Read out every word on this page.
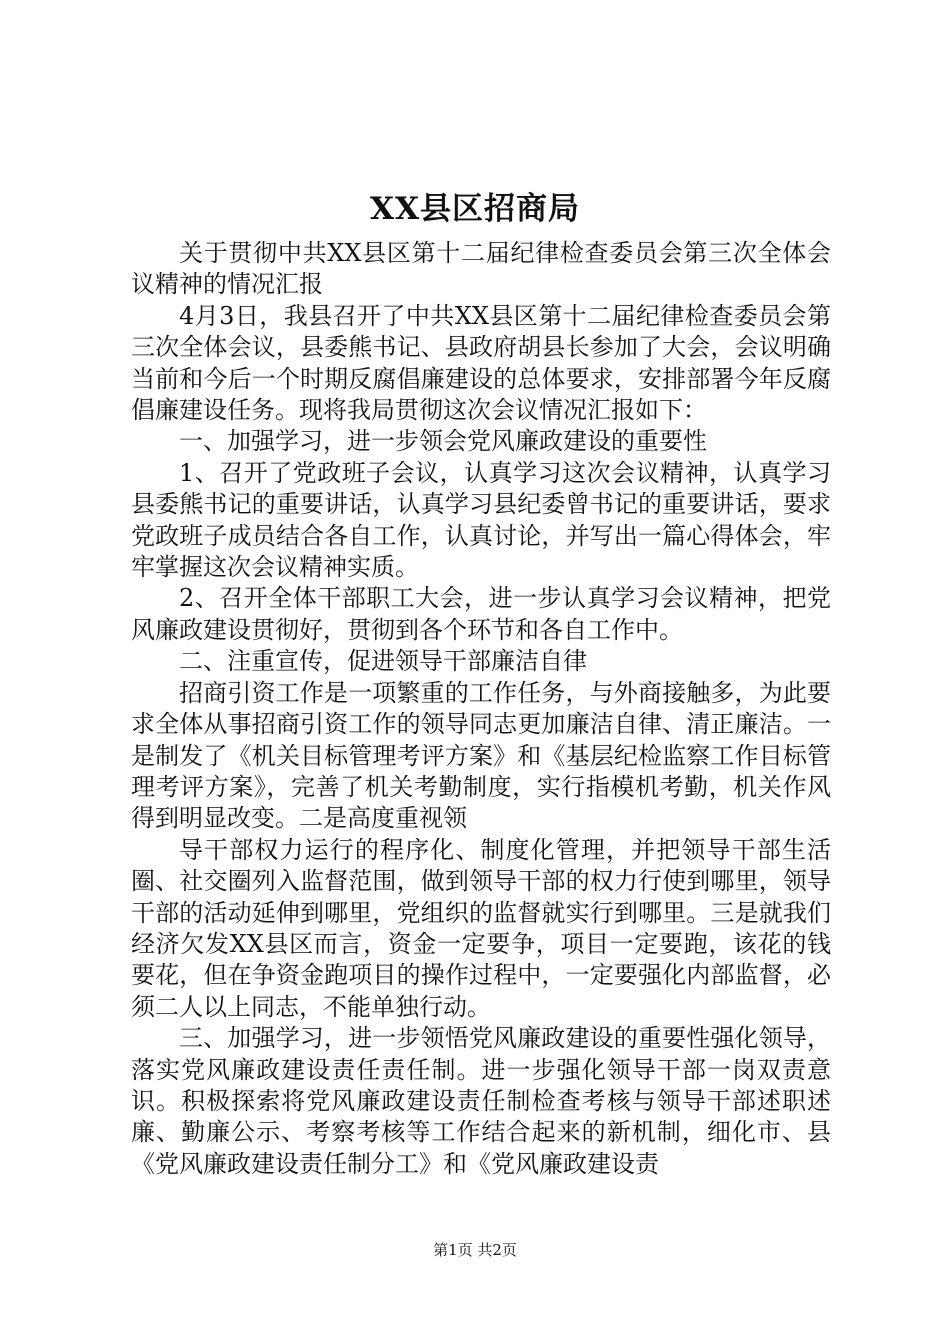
XX县区招商局

关于贯彻中共XX县区第十二届纪律检查委员会第三次全体会议精神的情况汇报

4月3日，我县召开了中共XX县区第十二届纪律检查委员会第三次全体会议，县委熊书记、县政府胡县长参加了大会，会议明确当前和今后一个时期反腐倡廉建设的总体要求，安排部署今年反腐倡廉建设任务。现将我局贯彻这次会议情况汇报如下：

一、加强学习，进一步领会党风廉政建设的重要性

1、召开了党政班子会议，认真学习这次会议精神，认真学习县委熊书记的重要讲话，认真学习县纪委曾书记的重要讲话，要求党政班子成员结合各自工作，认真讨论，并写出一篇心得体会，牢牢掌握这次会议精神实质。

2、召开全体干部职工大会，进一步认真学习会议精神，把党风廉政建设贯彻好，贯彻到各个环节和各自工作中。

二、注重宣传，促进领导干部廉洁自律

招商引资工作是一项繁重的工作任务，与外商接触多，为此要求全体从事招商引资工作的领导同志更加廉洁自律、清正廉洁。一是制发了《机关目标管理考评方案》和《基层纪检监察工作目标管理考评方案》，完善了机关考勤制度，实行指模机考勤，机关作风得到明显改变。二是高度重视领

导干部权力运行的程序化、制度化管理，并把领导干部生活圈、社交圈列入监督范围，做到领导干部的权力行使到哪里，领导干部的活动延伸到哪里，党组织的监督就实行到哪里。三是就我们经济欠发XX县区而言，资金一定要争，项目一定要跑，该花的钱要花，但在争资金跑项目的操作过程中，一定要强化内部监督，必须二人以上同志，不能单独行动。

三、加强学习，进一步领悟党风廉政建设的重要性强化领导，落实党风廉政建设责任责任制。进一步强化领导干部一岗双责意识。积极探索将党风廉政建设责任制检查考核与领导干部述职述廉、勤廉公示、考察考核等工作结合起来的新机制，细化市、县《党风廉政建设责任制分工》和《党风廉政建设责

第1页 共2页
